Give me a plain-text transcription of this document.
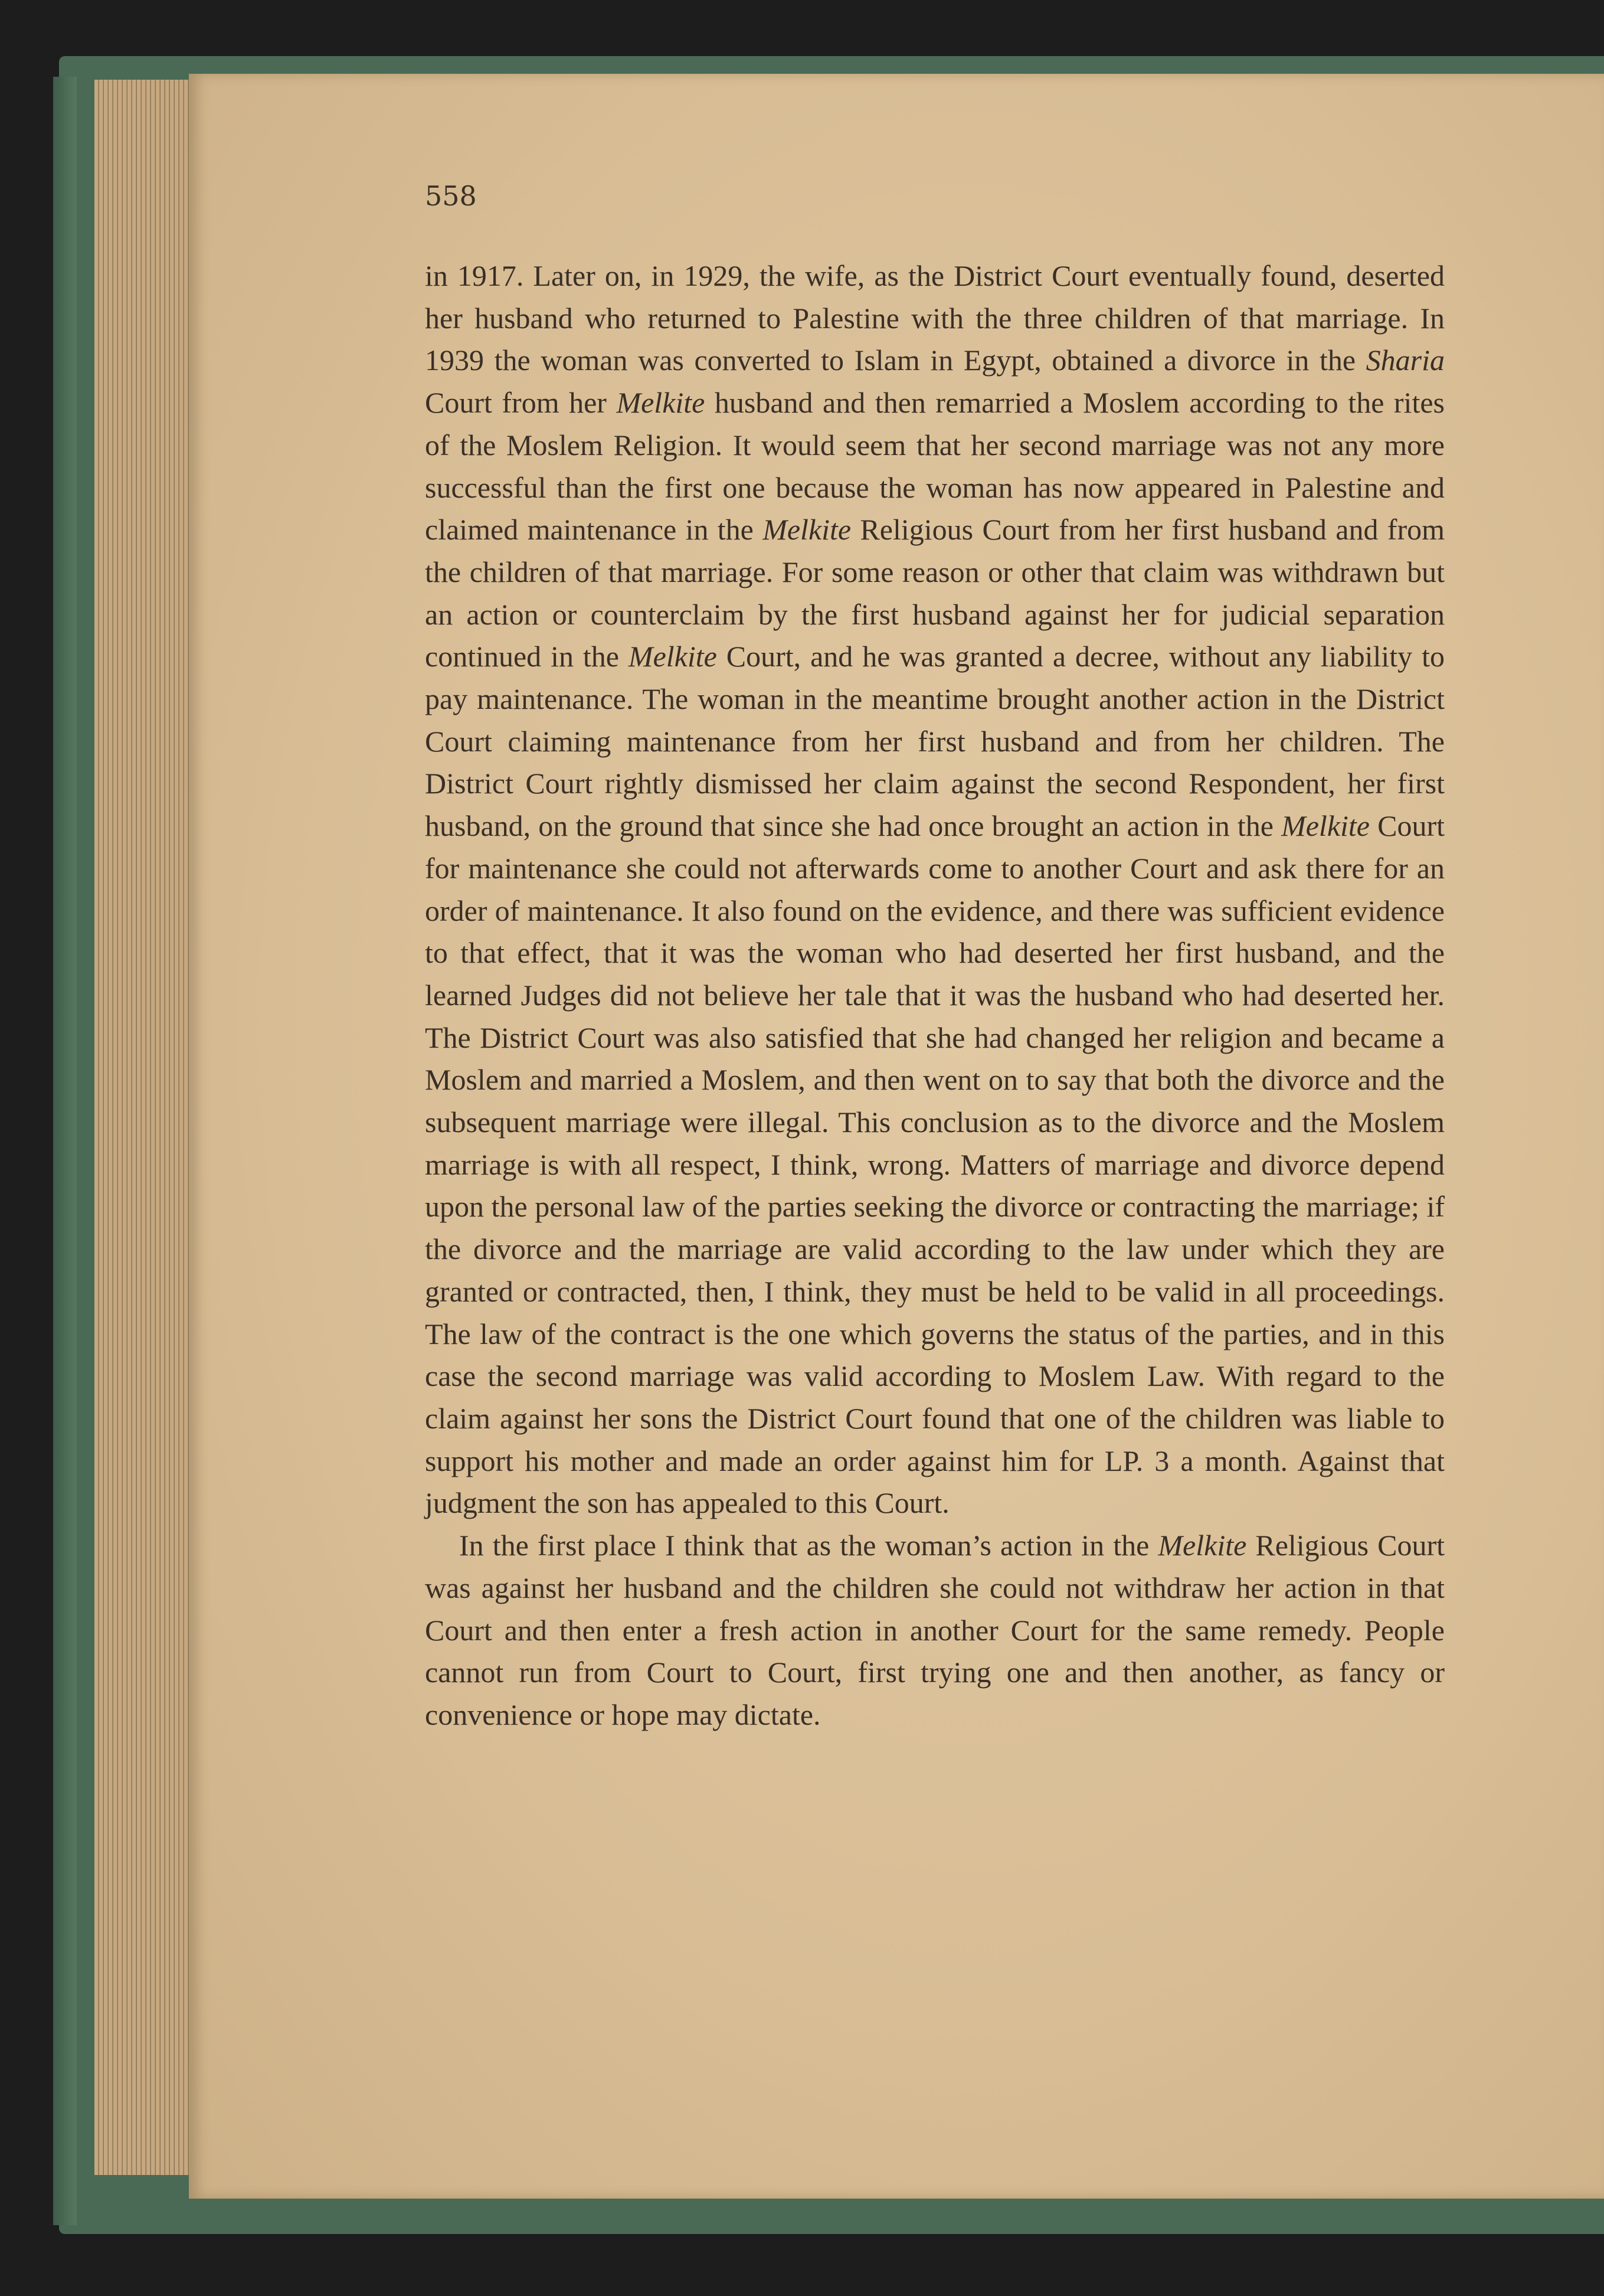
558

in 1917. Later on, in 1929, the wife, as the District Court eventually found, deserted her husband who returned to Palestine with the three children of that marriage. In 1939 the woman was converted to Islam in Egypt, obtained a divorce in the Sharia Court from her Melkite husband and then remarried a Moslem according to the rites of the Moslem Religion. It would seem that her second marriage was not any more successful than the first one because the woman has now appeared in Palestine and claimed maintenance in the Melkite Religious Court from her first husband and from the children of that marriage. For some reason or other that claim was withdrawn but an action or counterclaim by the first husband against her for judicial separation continued in the Melkite Court, and he was granted a decree, without any liability to pay maintenance. The woman in the meantime brought another action in the District Court claiming maintenance from her first husband and from her children. The District Court rightly dismissed her claim against the second Respondent, her first husband, on the ground that since she had once brought an action in the Melkite Court for maintenance she could not afterwards come to another Court and ask there for an order of maintenance. It also found on the evidence, and there was sufficient evidence to that effect, that it was the woman who had deserted her first husband, and the learned Judges did not believe her tale that it was the husband who had deserted her. The District Court was also satisfied that she had changed her religion and became a Moslem and married a Moslem, and then went on to say that both the divorce and the subsequent marriage were illegal. This conclusion as to the divorce and the Moslem marriage is with all respect, I think, wrong. Matters of marriage and divorce depend upon the personal law of the parties seeking the divorce or contracting the marriage; if the divorce and the marriage are valid according to the law under which they are granted or contracted, then, I think, they must be held to be valid in all proceedings. The law of the contract is the one which governs the status of the parties, and in this case the second marriage was valid according to Moslem Law. With regard to the claim against her sons the District Court found that one of the children was liable to support his mother and made an order against him for LP. 3 a month. Against that judgment the son has appealed to this Court.

In the first place I think that as the woman’s action in the Melkite Religious Court was against her husband and the children she could not withdraw her action in that Court and then enter a fresh action in another Court for the same remedy. People cannot run from Court to Court, first trying one and then another, as fancy or convenience or hope may dictate.
